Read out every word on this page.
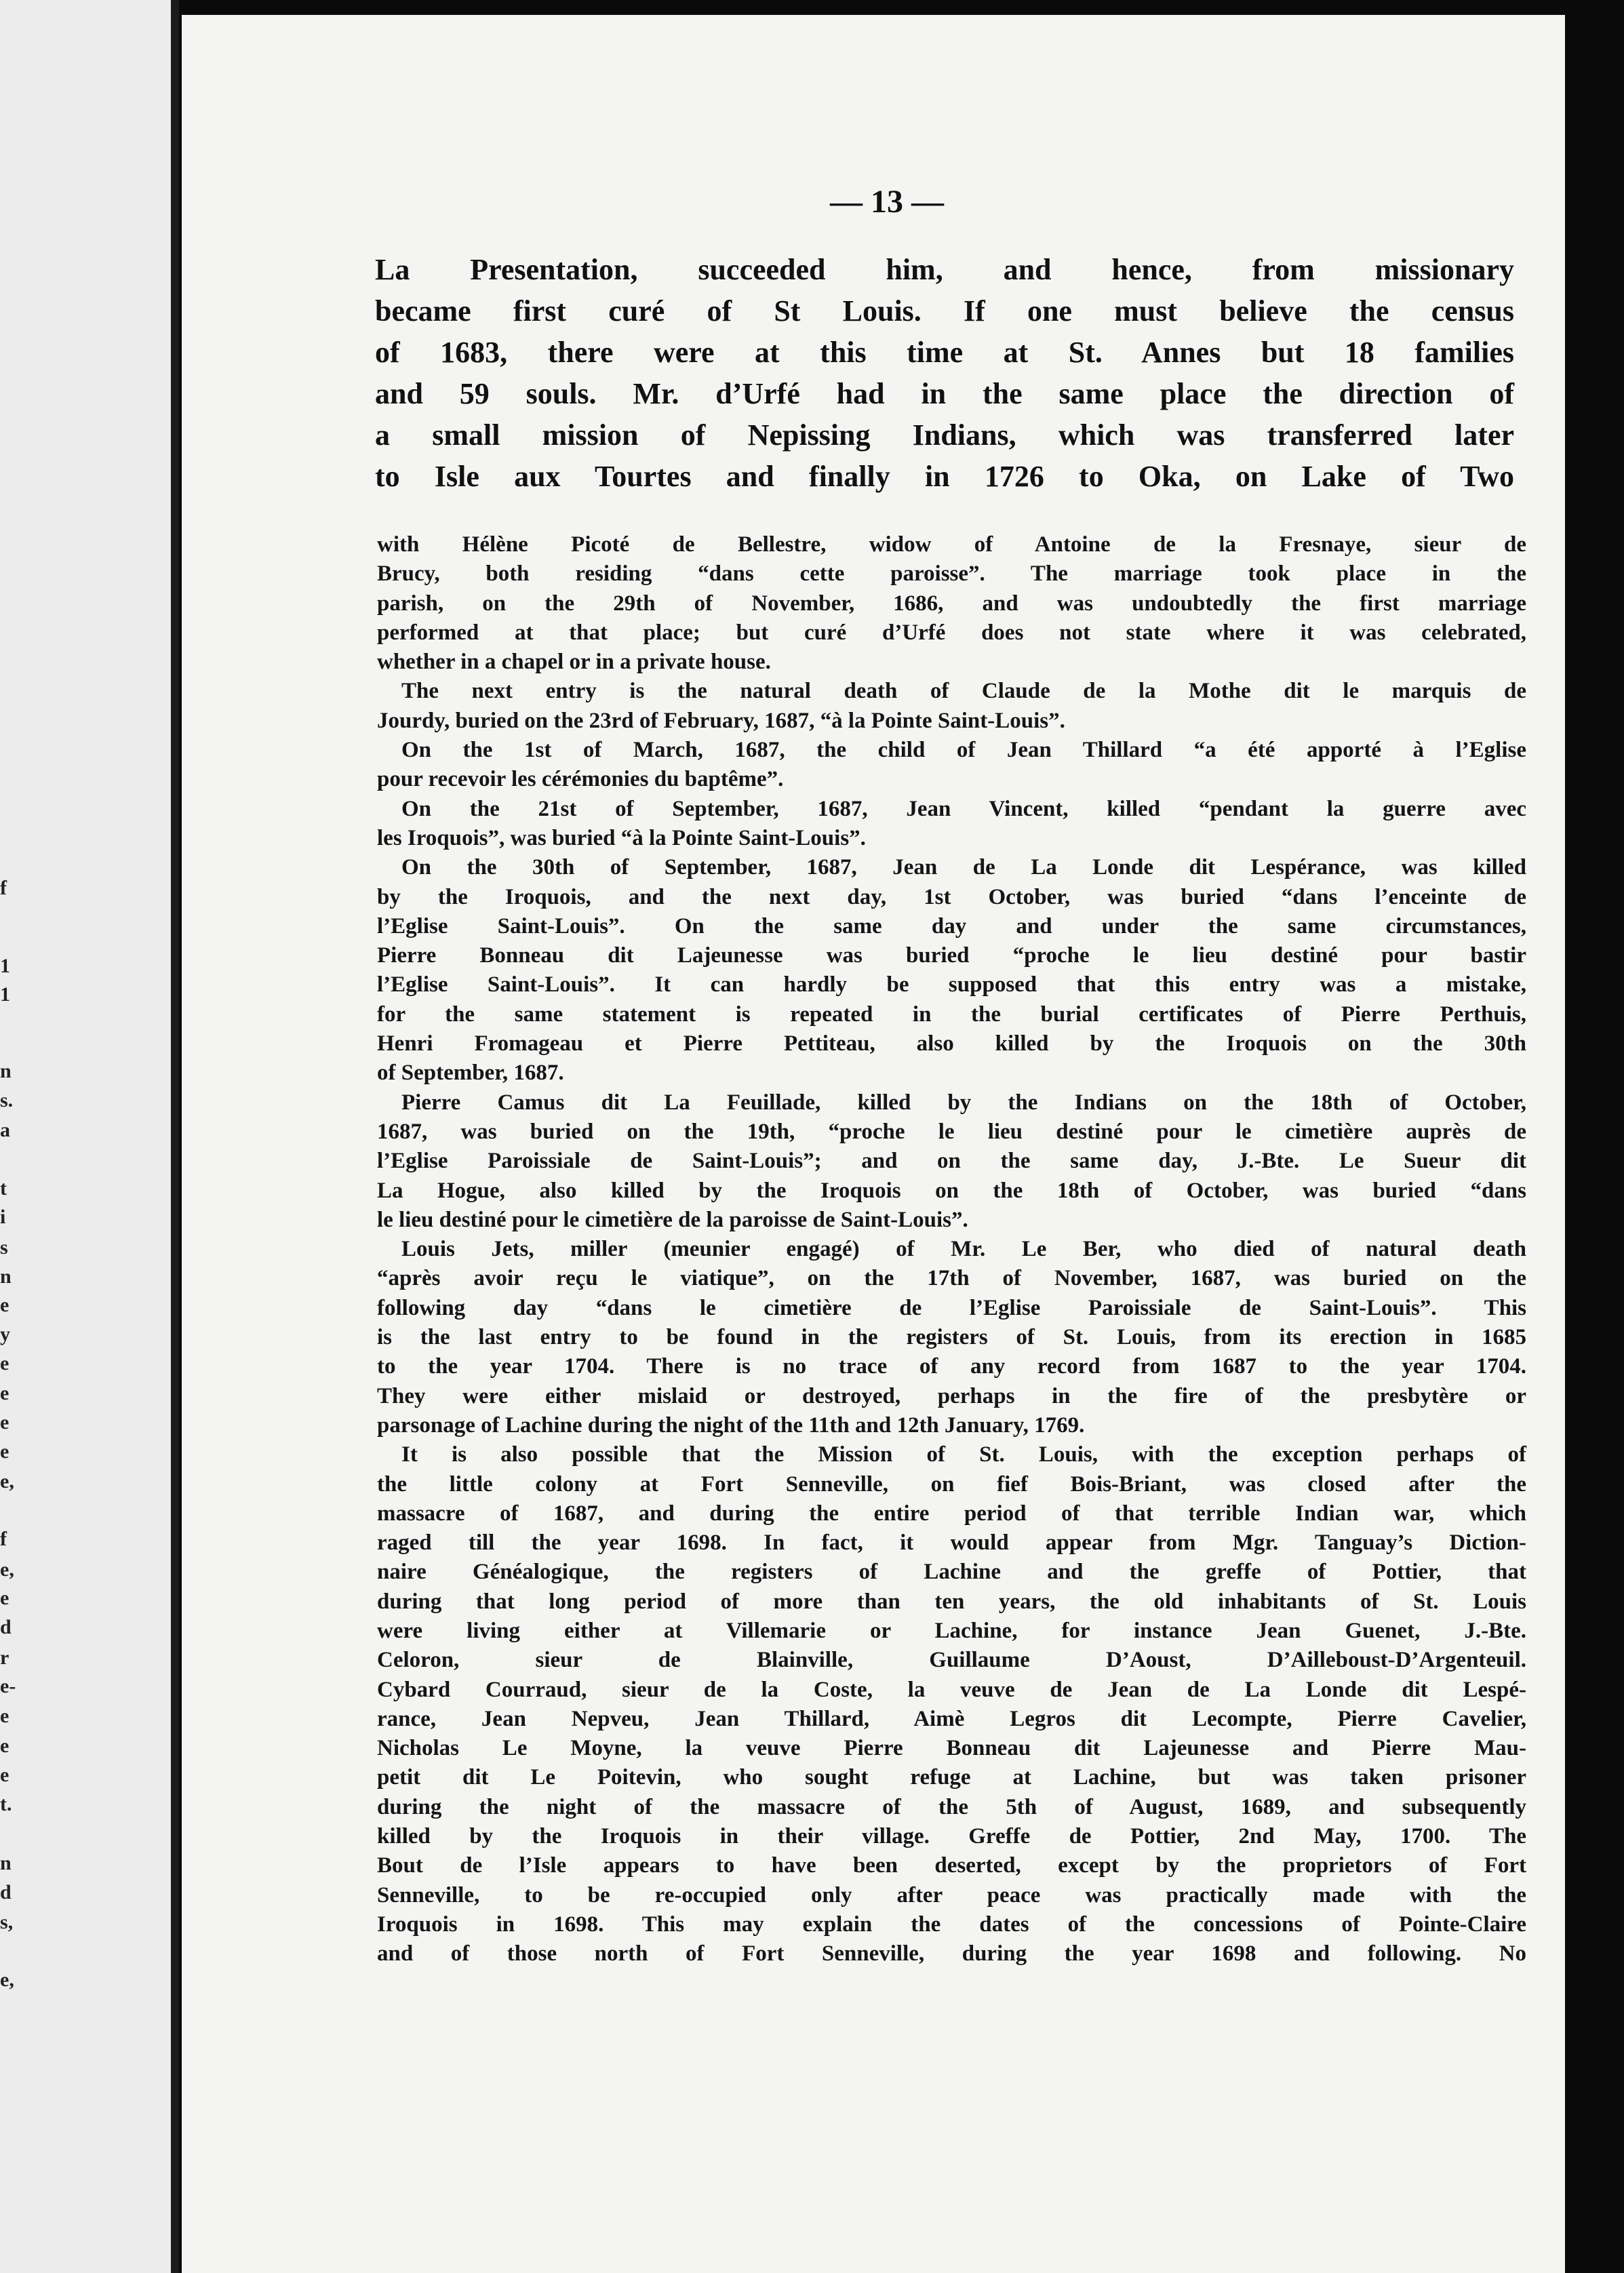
f
1
1
n
s.
a
t
i
s
n
e
y
e
e
e
e
e,
f
e,
e
d
r
e-
e
e
e
t.
n
d
s,
e,
— 13 —
La Presentation, succeeded him, and hence, from missionary
became first curé of St Louis. If one must believe the census
of 1683, there were at this time at St. Annes but 18 families
and 59 souls. Mr. d’Urfé had in the same place the direction of
a small mission of Nepissing Indians, which was transferred later
to Isle aux Tourtes and finally in 1726 to Oka, on Lake of Two
with Hélène Picoté de Bellestre, widow of Antoine de la Fresnaye, sieur de
Brucy, both residing “dans cette paroisse”. The marriage took place in the
parish, on the 29th of November, 1686, and was undoubtedly the first marriage
performed at that place; but curé d’Urfé does not state where it was celebrated,
whether in a chapel or in a private house.
The next entry is the natural death of Claude de la Mothe dit le marquis de
Jourdy, buried on the 23rd of February, 1687, “à la Pointe Saint-Louis”.
On the 1st of March, 1687, the child of Jean Thillard “a été apporté à l’Eglise
pour recevoir les cérémonies du baptême”.
On the 21st of September, 1687, Jean Vincent, killed “pendant la guerre avec
les Iroquois”, was buried “à la Pointe Saint-Louis”.
On the 30th of September, 1687, Jean de La Londe dit Lespérance, was killed
by the Iroquois, and the next day, 1st October, was buried “dans l’enceinte de
l’Eglise Saint-Louis”. On the same day and under the same circumstances,
Pierre Bonneau dit Lajeunesse was buried “proche le lieu destiné pour bastir
l’Eglise Saint-Louis”. It can hardly be supposed that this entry was a mistake,
for the same statement is repeated in the burial certificates of Pierre Perthuis,
Henri Fromageau et Pierre Pettiteau, also killed by the Iroquois on the 30th
of September, 1687.
Pierre Camus dit La Feuillade, killed by the Indians on the 18th of October,
1687, was buried on the 19th, “proche le lieu destiné pour le cimetière auprès de
l’Eglise Paroissiale de Saint-Louis”; and on the same day, J.-Bte. Le Sueur dit
La Hogue, also killed by the Iroquois on the 18th of October, was buried “dans
le lieu destiné pour le cimetière de la paroisse de Saint-Louis”.
Louis Jets, miller (meunier engagé) of Mr. Le Ber, who died of natural death
“après avoir reçu le viatique”, on the 17th of November, 1687, was buried on the
following day “dans le cimetière de l’Eglise Paroissiale de Saint-Louis”. This
is the last entry to be found in the registers of St. Louis, from its erection in 1685
to the year 1704. There is no trace of any record from 1687 to the year 1704.
They were either mislaid or destroyed, perhaps in the fire of the presbytère or
parsonage of Lachine during the night of the 11th and 12th January, 1769.
It is also possible that the Mission of St. Louis, with the exception perhaps of
the little colony at Fort Senneville, on fief Bois-Briant, was closed after the
massacre of 1687, and during the entire period of that terrible Indian war, which
raged till the year 1698. In fact, it would appear from Mgr. Tanguay’s Diction-
naire Généalogique, the registers of Lachine and the greffe of Pottier, that
during that long period of more than ten years, the old inhabitants of St. Louis
were living either at Villemarie or Lachine, for instance Jean Guenet, J.-Bte.
Celoron, sieur de Blainville, Guillaume D’Aoust, D’Ailleboust-D’Argenteuil.
Cybard Courraud, sieur de la Coste, la veuve de Jean de La Londe dit Lespé-
rance, Jean Nepveu, Jean Thillard, Aimè Legros dit Lecompte, Pierre Cavelier,
Nicholas Le Moyne, la veuve Pierre Bonneau dit Lajeunesse and Pierre Mau-
petit dit Le Poitevin, who sought refuge at Lachine, but was taken prisoner
during the night of the massacre of the 5th of August, 1689, and subsequently
killed by the Iroquois in their village. Greffe de Pottier, 2nd May, 1700. The
Bout de l’Isle appears to have been deserted, except by the proprietors of Fort
Senneville, to be re-occupied only after peace was practically made with the
Iroquois in 1698. This may explain the dates of the concessions of Pointe-Claire
and of those north of Fort Senneville, during the year 1698 and following. No
